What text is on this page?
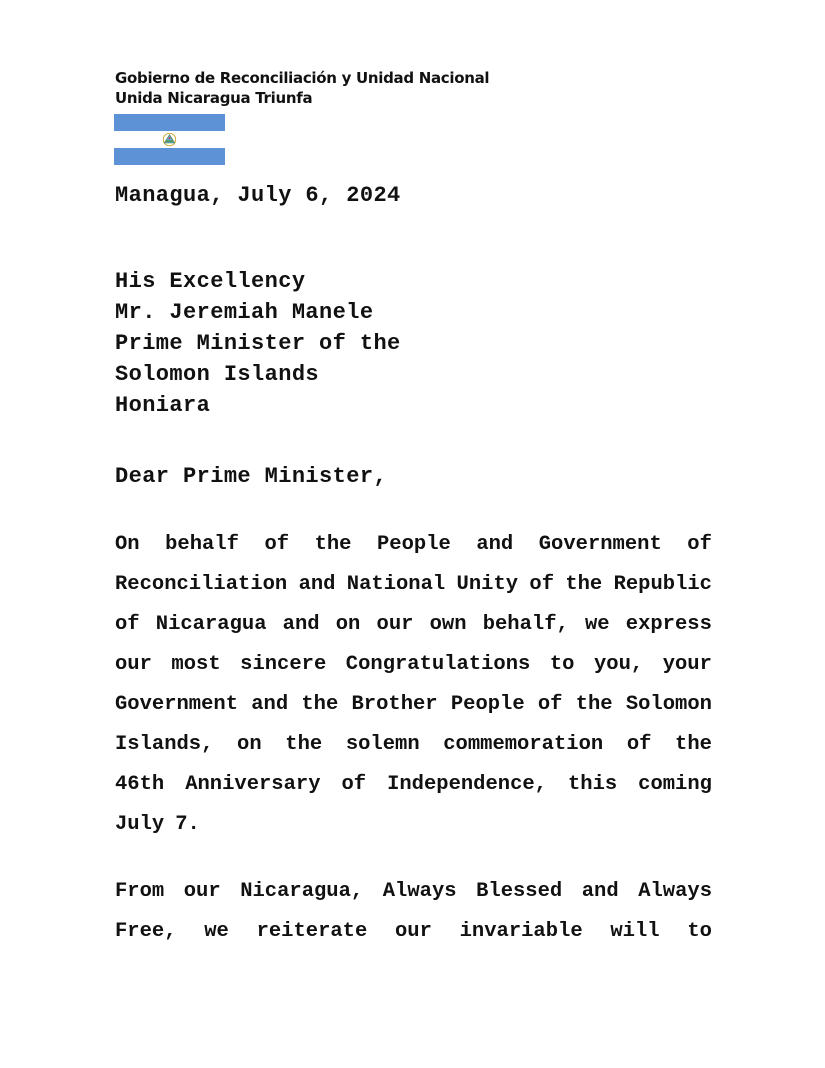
Gobierno de Reconciliación y Unidad Nacional
Unida Nicaragua Triunfa
Managua, July 6, 2024
His Excellency
Mr. Jeremiah Manele
Prime Minister of the
Solomon Islands
Honiara
Dear Prime Minister,
On behalf of the People and Government of
Reconciliation and National Unity of the Republic
of Nicaragua and on our own behalf, we express
our most sincere Congratulations to you, your
Government and the Brother People of the Solomon
Islands, on the solemn commemoration of the
46th Anniversary of Independence, this coming
July 7.
From our Nicaragua, Always Blessed and Always
Free, we reiterate our invariable will to
